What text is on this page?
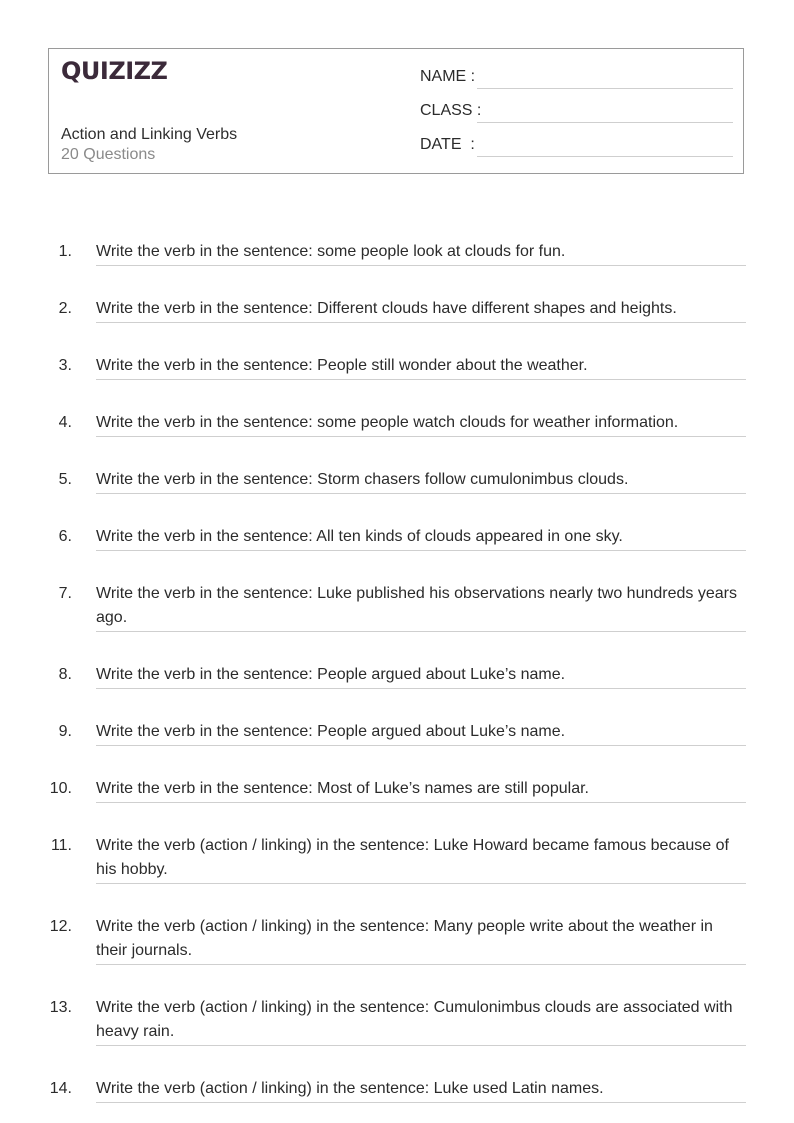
QUIZIZZ
Action and Linking Verbs
20 Questions
NAME :
CLASS :
DATE  :
1. Write the verb in the sentence: some people look at clouds for fun.
2. Write the verb in the sentence: Different clouds have different shapes and heights.
3. Write the verb in the sentence: People still wonder about the weather.
4. Write the verb in the sentence: some people watch clouds for weather information.
5. Write the verb in the sentence: Storm chasers follow cumulonimbus clouds.
6. Write the verb in the sentence: All ten kinds of clouds appeared in one sky.
7. Write the verb in the sentence: Luke published his observations nearly two hundreds years ago.
8. Write the verb in the sentence: People argued about Luke’s name.
9. Write the verb in the sentence: People argued about Luke’s name.
10. Write the verb in the sentence: Most of Luke’s names are still popular.
11. Write the verb (action / linking) in the sentence: Luke Howard became famous because of his hobby.
12. Write the verb (action / linking) in the sentence: Many people write about the weather in their journals.
13. Write the verb (action / linking) in the sentence: Cumulonimbus clouds are associated with heavy rain.
14. Write the verb (action / linking) in the sentence: Luke used Latin names.
